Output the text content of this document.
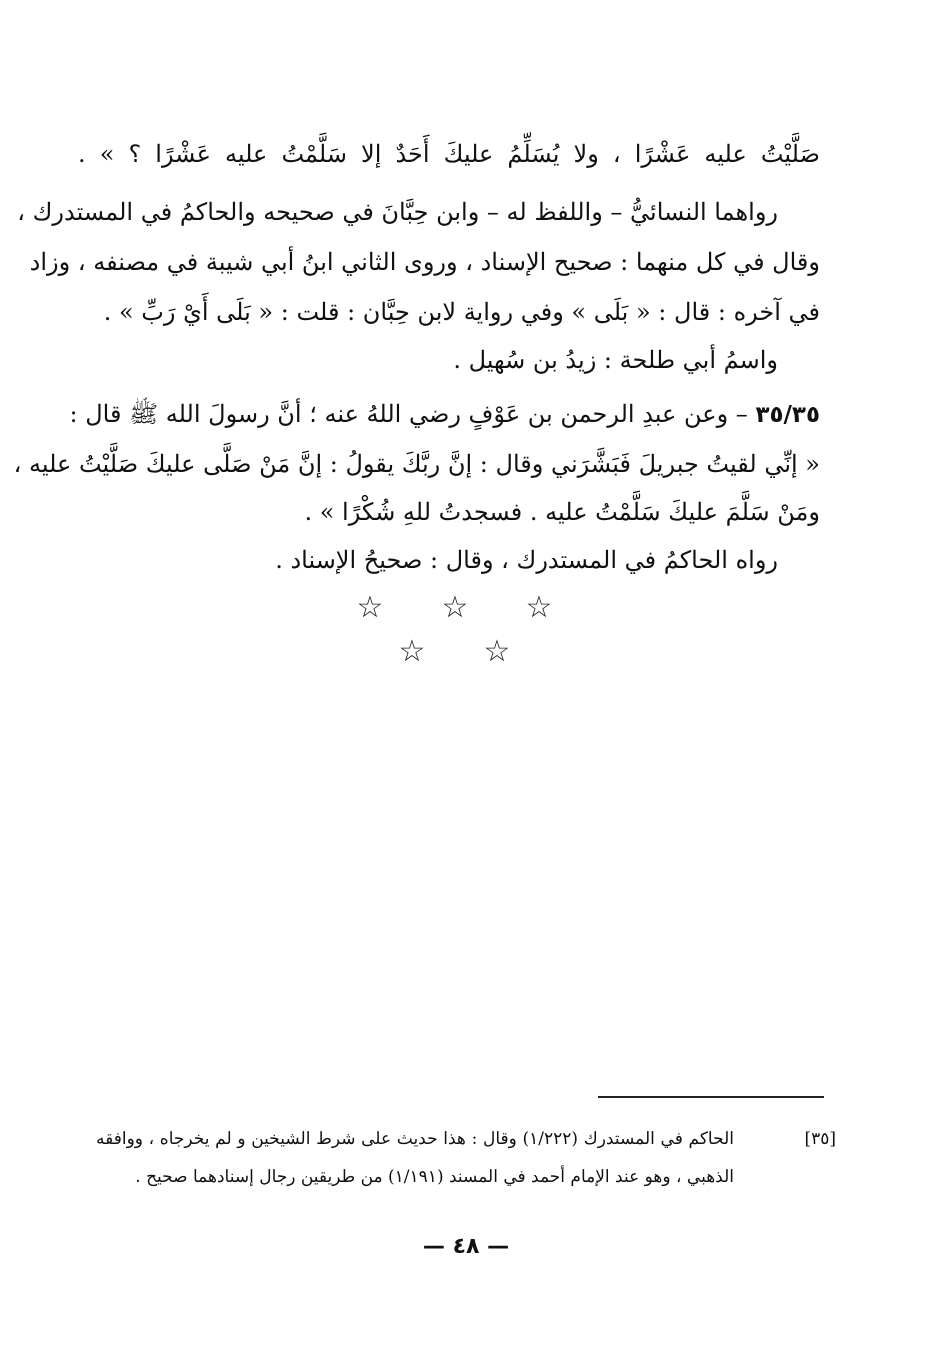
صَلَّيْتُ عليه عَشْرًا ، ولا يُسَلِّمُ عليكَ أَحَدٌ إلا سَلَّمْتُ عليه عَشْرًا ؟ » .
رواهما النسائيُّ – واللفظ له – وابن حِبَّانَ في صحيحه والحاكمُ في المستدرك ،
وقال في كل منهما : صحيح الإسناد ، وروى الثاني ابنُ أبي شيبة في مصنفه ، وزاد
في آخره : قال : « بَلَى » وفي رواية لابن حِبَّان : قلت : « بَلَى أَيْ رَبِّ » .
واسمُ أبي طلحة : زيدُ بن سُهيل .
٣٥/٣٥ – وعن عبدِ الرحمن بن عَوْفٍ رضي اللهُ عنه ؛ أنَّ رسولَ الله ﷺ قال :
« إنِّي لقيتُ جبريلَ فَبَشَّرَني وقال : إنَّ ربَّكَ يقولُ : إنَّ مَنْ صَلَّى عليكَ صَلَّيْتُ عليه ،
ومَنْ سَلَّمَ عليكَ سَلَّمْتُ عليه . فسجدتُ للهِ شُكْرًا » .
رواه الحاكمُ في المستدرك ، وقال : صحيحُ الإسناد .
☆ ☆ ☆
☆ ☆
[٣٥]
الحاكم في المستدرك (١/٢٢٢) وقال : هذا حديث على شرط الشيخين و لم يخرجاه ، ووافقه
الذهبي ، وهو عند الإمام أحمد في المسند (١/١٩١) من طريقين رجال إسنادهما صحيح .
— ٤٨ —
